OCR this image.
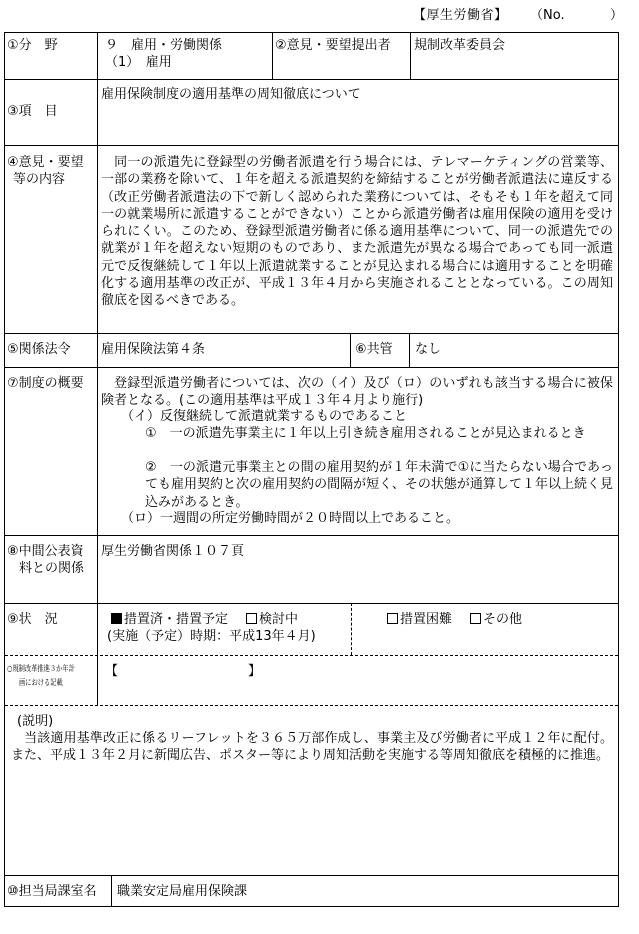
【厚生労働省】 （No.	）
①分　野	９　雇用・労働関係
（1）　雇用
②意見・要望提出者 規制改革委員会
③項　目
雇用保険制度の適用基準の周知徹底について
④意見・要望
等の内容
　同一の派遣先に登録型の労働者派遣を行う場合には、テレマーケティングの営業等、一部の業務を除いて、１年を超える派遣契約を締結することが労働者派遣法に違反する（改正労働者派遣法の下で新しく認められた業務については、そもそも１年を超えて同一の就業場所に派遣することができない）ことから派遣労働者は雇用保険の適用を受けられにくい。このため、登録型派遣労働者に係る適用基準について、同一の派遣先での就業が１年を超えない短期のものであり、また派遣先が異なる場合であっても同一派遣元で反復継続して１年以上派遣就業することが見込まれる場合には適用することを明確化する適用基準の改正が、平成１３年４月から実施されることとなっている。この周知徹底を図るべきである。
⑤関係法令 雇用保険法第４条	⑥共管 なし
⑦制度の概要 　登録型派遣労働者については、次の（イ）及び（ロ）のいずれも該当する場合に被保険者となる。(この適用基準は平成１３年４月より施行)
（イ）反復継続して派遣就業するものであること
①　一の派遣先事業主に１年以上引き続き雇用されることが見込まれるとき
②　一の派遣元事業主との間の雇用契約が１年未満で①に当たらない場合であっても雇用契約と次の雇用契約の間隔が短く、その状態が通算して１年以上続く見込みがあるとき。
（ロ）一週間の所定労働時間が２０時間以上であること。
⑧中間公表資
料との関係
厚生労働省関係１０７頁
⑨状　況	措置済・措置予定 検討中
(実施（予定）時期：平成13年４月)
措置困難 その他
○規制改革推進３か年計
画における記載
【　　　　　　　　　　】
(説明)
　当該適用基準改正に係るリーフレットを３６５万部作成し、事業主及び労働者に平成１２年に配付。また、平成１３年２月に新聞広告、ポスター等により周知活動を実施する等周知徹底を積極的に推進。
⑩担当局課室名 職業安定局雇用保険課
